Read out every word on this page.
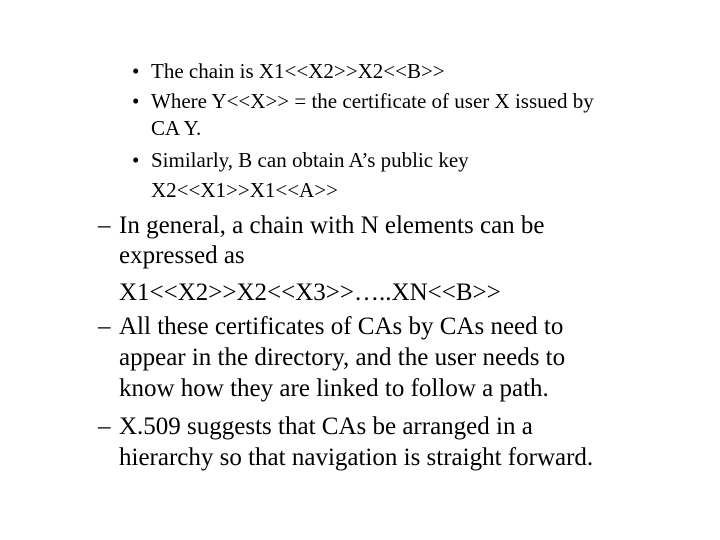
• The chain is X1<<X2>>X2<<B>>
• Where Y<<X>> = the certificate of user X issued by
CA Y.
• Similarly, B can obtain A’s public key
X2<<X1>>X1<<A>>
– In general, a chain with N elements can be
expressed as
X1<<X2>>X2<<X3>>…..XN<<B>>
– All these certificates of CAs by CAs need to
appear in the directory, and the user needs to
know how they are linked to follow a path.
– X.509 suggests that CAs be arranged in a
hierarchy so that navigation is straight forward.
